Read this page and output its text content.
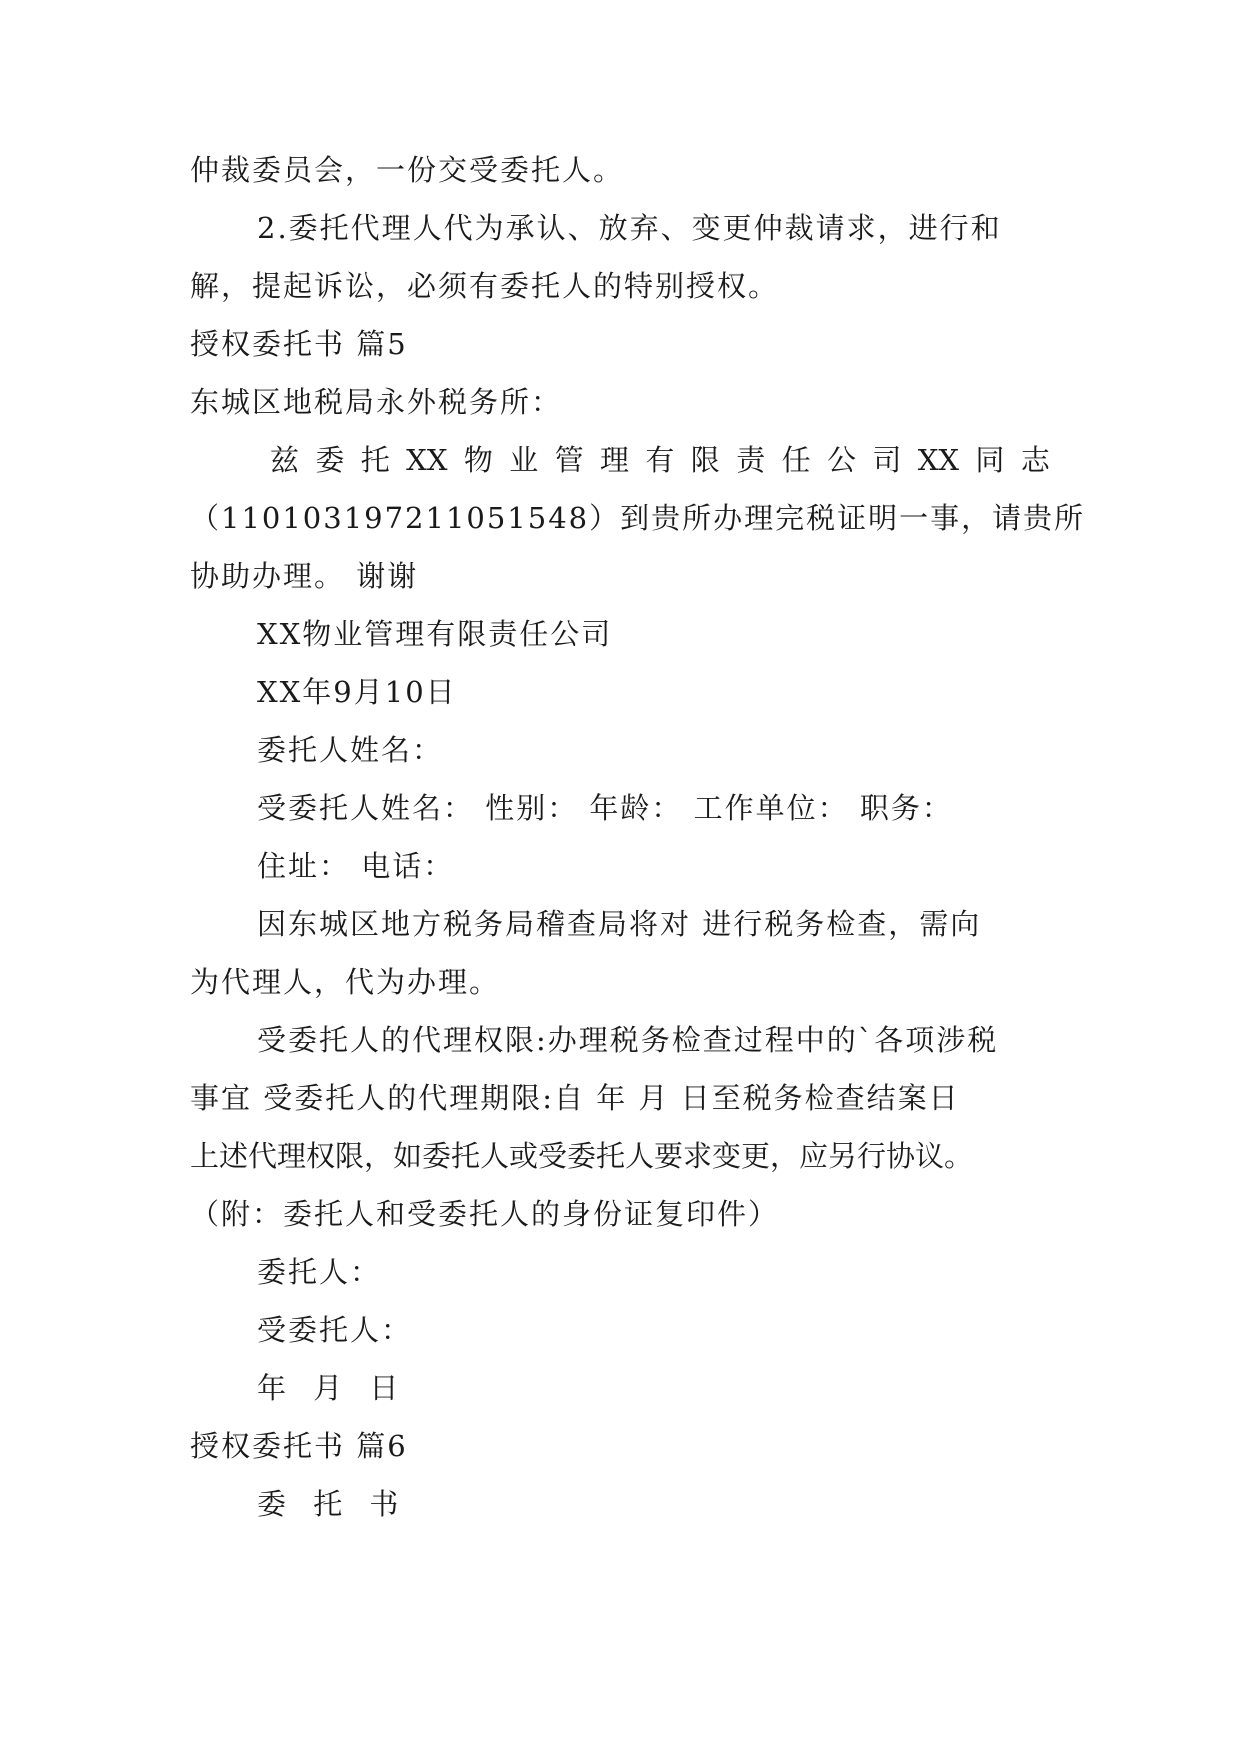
仲裁委员会，一份交受委托人。
2.委托代理人代为承认、放弃、变更仲裁请求，进行和
解，提起诉讼，必须有委托人的特别授权。
授权委托书 篇5
东城区地税局永外税务所：
兹 委 托 XX 物 业 管 理 有 限 责 任 公 司 XX 同 志
（110103197211051548）到贵所办理完税证明一事，请贵所
协助办理。 谢谢
XX物业管理有限责任公司
XX年9月10日
委托人姓名：
受委托人姓名： 性别： 年龄： 工作单位： 职务：
住址： 电话：
因东城区地方税务局稽查局将对 进行税务检查，需向
为代理人，代为办理。
受委托人的代理权限:办理税务检查过程中的`各项涉税
事宜 受委托人的代理期限:自 年 月 日至税务检查结案日
上述代理权限，如委托人或受委托人要求变更，应另行协议。
（附：委托人和受委托人的身份证复印件）
委托人：
受委托人：
年 月 日
授权委托书 篇6
委 托 书
